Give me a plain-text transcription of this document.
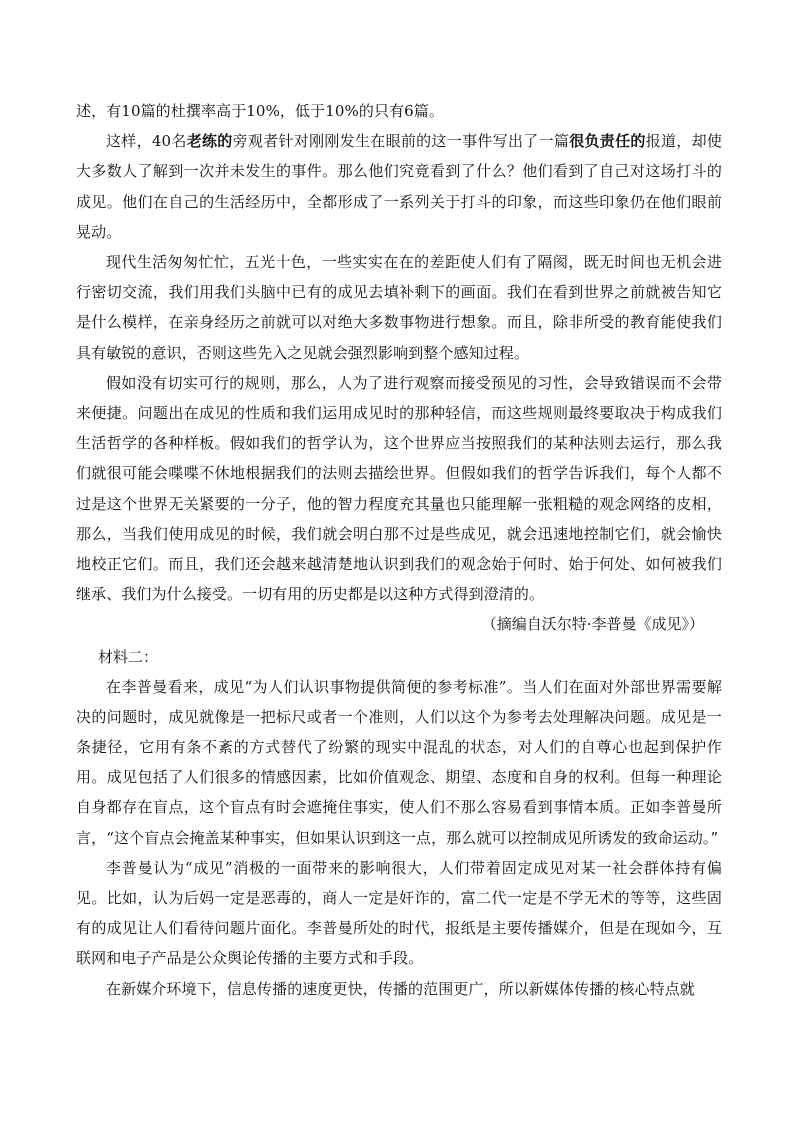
述，有10篇的杜撰率高于10%，低于10%的只有6篇。

这样，40名老练的旁观者针对刚刚发生在眼前的这一事件写出了一篇很负责任的报道，却使大多数人了解到一次并未发生的事件。那么他们究竟看到了什么？他们看到了自己对这场打斗的成见。他们在自己的生活经历中，全都形成了一系列关于打斗的印象，而这些印象仍在他们眼前晃动。

现代生活匆匆忙忙，五光十色，一些实实在在的差距使人们有了隔阂，既无时间也无机会进行密切交流，我们用我们头脑中已有的成见去填补剩下的画面。我们在看到世界之前就被告知它是什么模样，在亲身经历之前就可以对绝大多数事物进行想象。而且，除非所受的教育能使我们具有敏锐的意识，否则这些先入之见就会强烈影响到整个感知过程。

假如没有切实可行的规则，那么，人为了进行观察而接受预见的习性，会导致错误而不会带来便捷。问题出在成见的性质和我们运用成见时的那种轻信，而这些规则最终要取决于构成我们生活哲学的各种样板。假如我们的哲学认为，这个世界应当按照我们的某种法则去运行，那么我们就很可能会喋喋不休地根据我们的法则去描绘世界。但假如我们的哲学告诉我们，每个人都不过是这个世界无关紧要的一分子，他的智力程度充其量也只能理解一张粗糙的观念网络的皮相，那么，当我们使用成见的时候，我们就会明白那不过是些成见，就会迅速地控制它们，就会愉快地校正它们。而且，我们还会越来越清楚地认识到我们的观念始于何时、始于何处、如何被我们继承、我们为什么接受。一切有用的历史都是以这种方式得到澄清的。

（摘编自沃尔特·李普曼《成见》）

材料二：

在李普曼看来，成见“为人们认识事物提供简便的参考标准”。当人们在面对外部世界需要解决的问题时，成见就像是一把标尺或者一个准则，人们以这个为参考去处理解决问题。成见是一条捷径，它用有条不紊的方式替代了纷繁的现实中混乱的状态，对人们的自尊心也起到保护作用。成见包括了人们很多的情感因素，比如价值观念、期望、态度和自身的权利。但每一种理论自身都存在盲点，这个盲点有时会遮掩住事实，使人们不那么容易看到事情本质。正如李普曼所言，“这个盲点会掩盖某种事实，但如果认识到这一点，那么就可以控制成见所诱发的致命运动。”

李普曼认为“成见”消极的一面带来的影响很大，人们带着固定成见对某一社会群体持有偏见。比如，认为后妈一定是恶毒的，商人一定是奸诈的，富二代一定是不学无术的等等，这些固有的成见让人们看待问题片面化。李普曼所处的时代，报纸是主要传播媒介，但是在现如今，互联网和电子产品是公众舆论传播的主要方式和手段。

在新媒介环境下，信息传播的速度更快，传播的范围更广，所以新媒体传播的核心特点就
